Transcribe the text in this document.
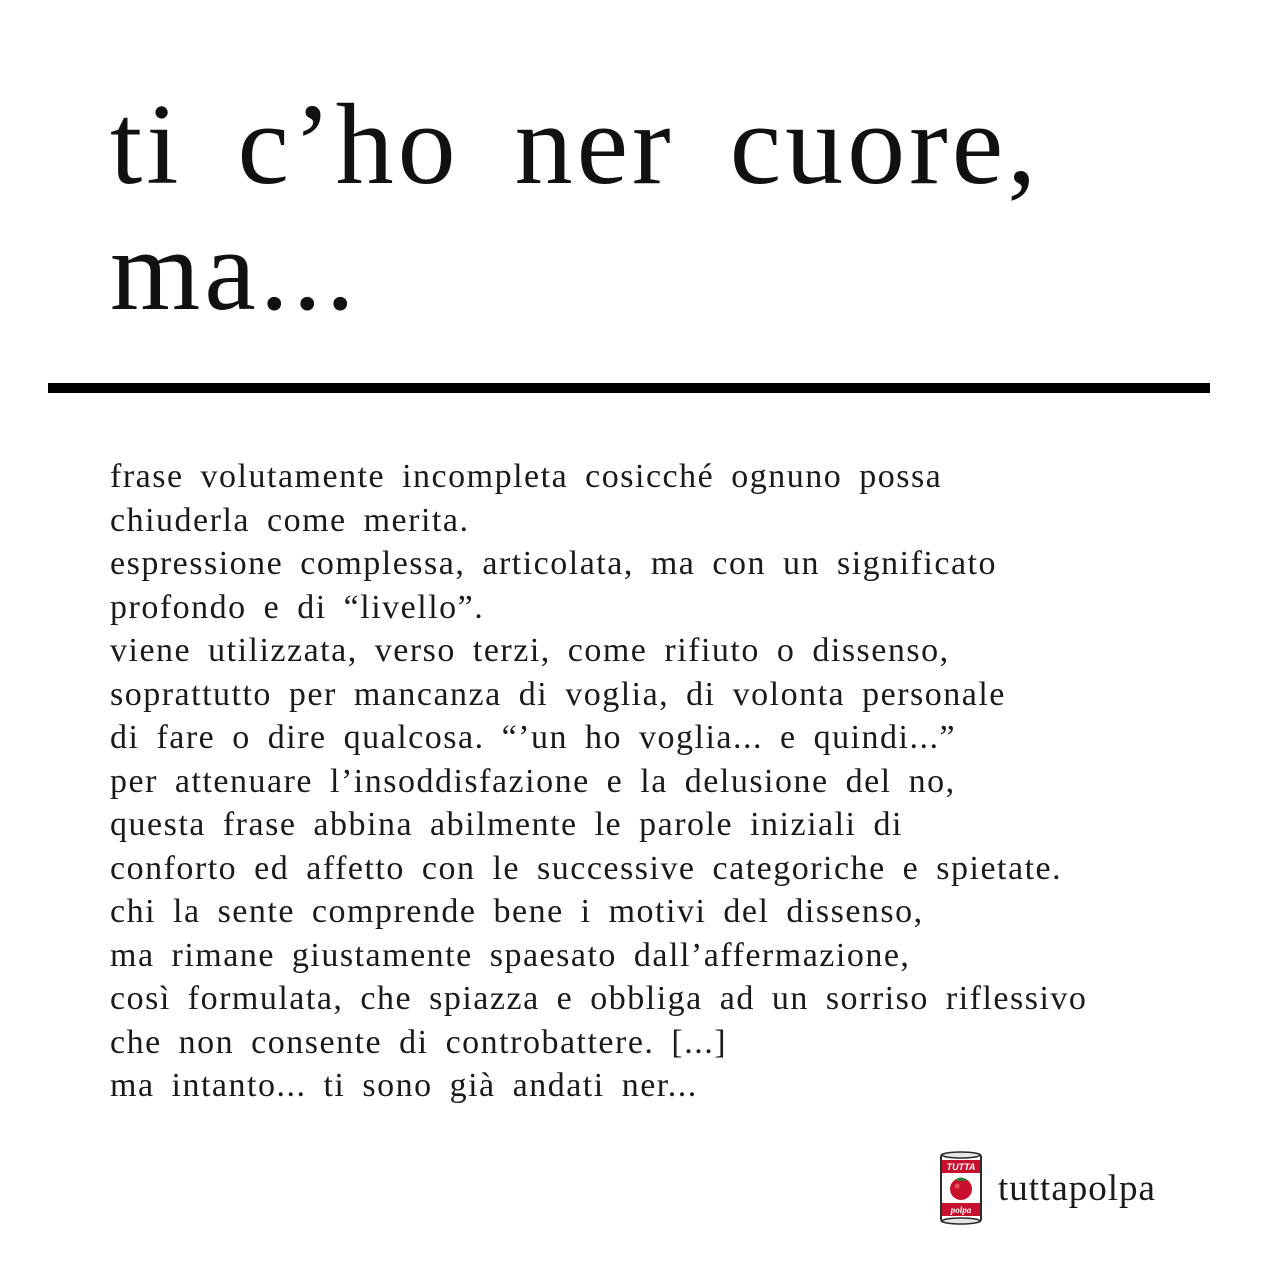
ti c’ho ner cuore,
ma...
frase volutamente incompleta cosicché ognuno possa
chiuderla come merita.
espressione complessa, articolata, ma con un significato
profondo e di “livello”.
viene utilizzata, verso terzi, come rifiuto o dissenso,
soprattutto per mancanza di voglia, di volonta personale
di fare o dire qualcosa. “’un ho voglia... e quindi...”
per attenuare l’insoddisfazione e la delusione del no,
questa frase abbina abilmente le parole iniziali di
conforto ed affetto con le successive categoriche e spietate.
chi la sente comprende bene i motivi del dissenso,
ma rimane giustamente spaesato dall’affermazione,
così formulata, che spiazza e obbliga ad un sorriso riflessivo
che non consente di controbattere. [...]
ma intanto... ti sono già andati ner...
TUTTA
polpa
tuttapolpa
